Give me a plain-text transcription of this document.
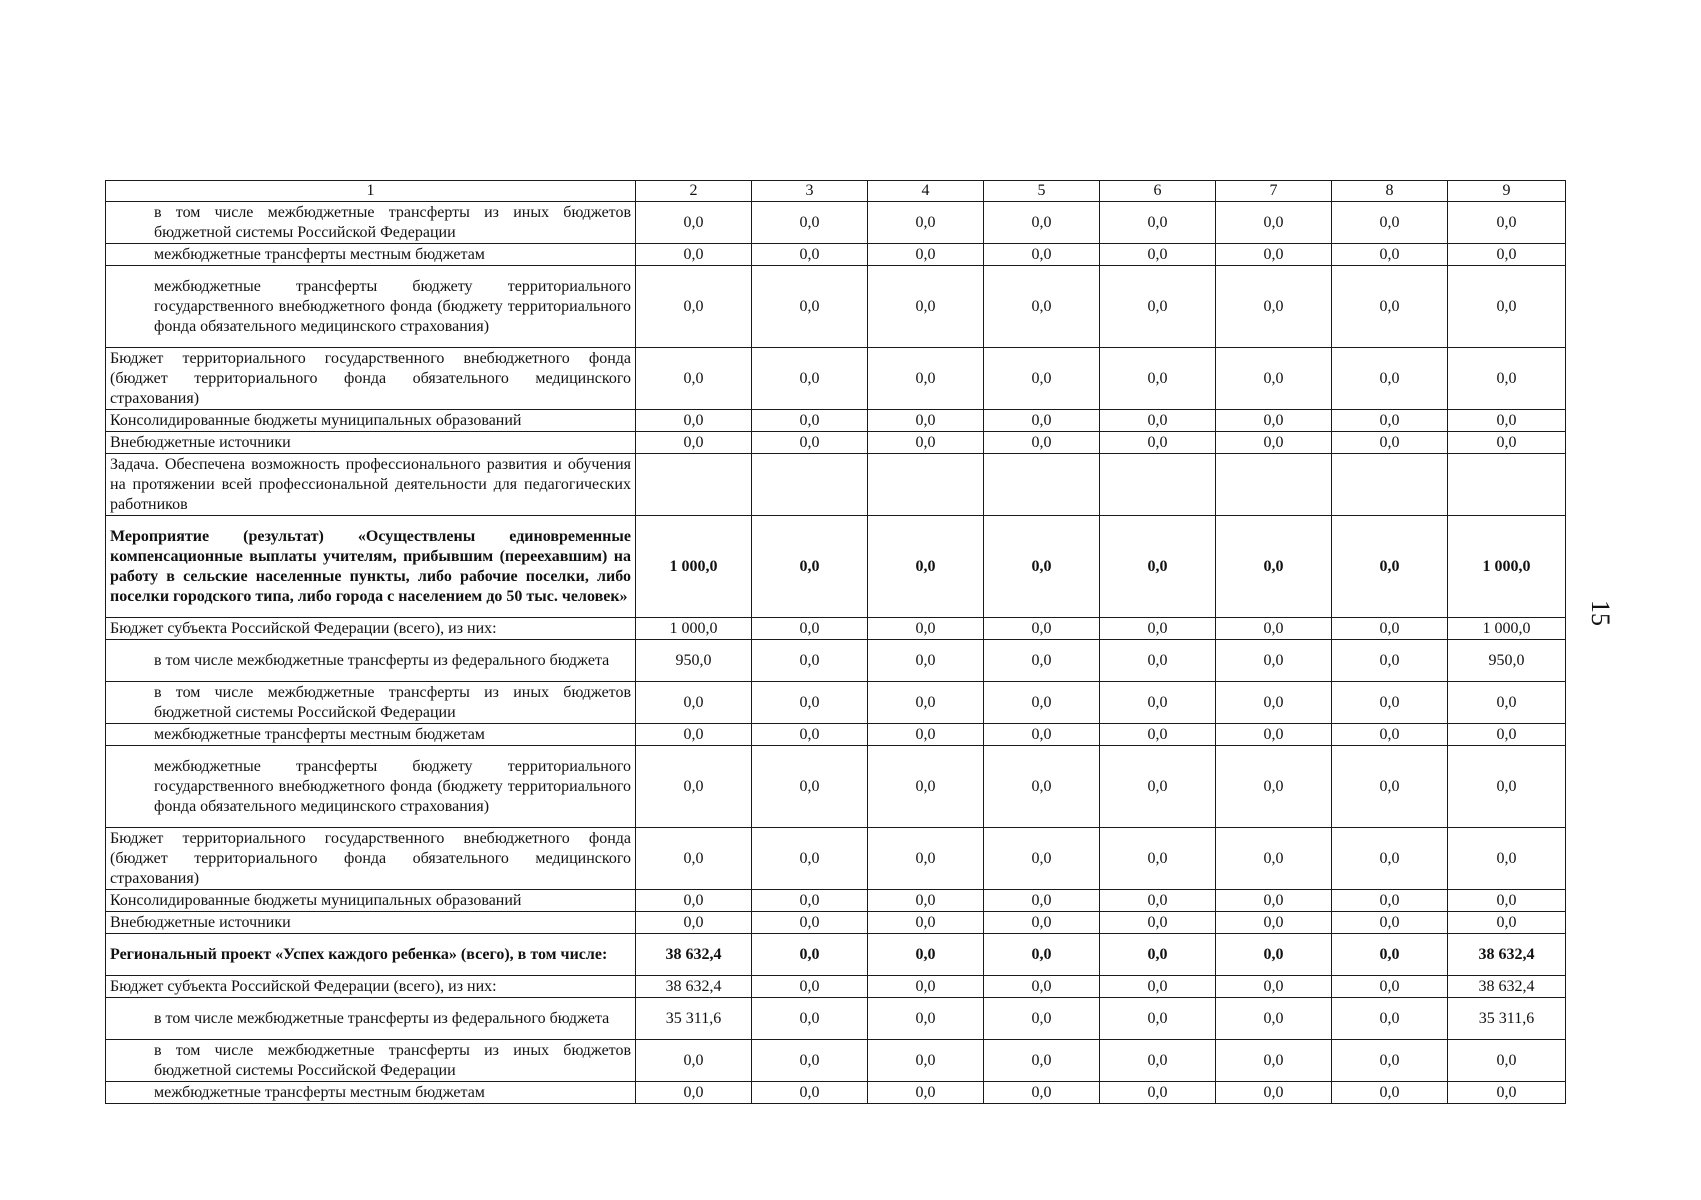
1	2	3	4	5	6	7	8	9
в том числе межбюджетные трансферты из иных бюджетов бюджетной системы Российской Федерации	0,0	0,0	0,0	0,0	0,0	0,0	0,0	0,0
межбюджетные трансферты местным бюджетам	0,0	0,0	0,0	0,0	0,0	0,0	0,0	0,0
межбюджетные трансферты бюджету территориального государственного внебюджетного фонда (бюджету территориального фонда обязательного медицинского страхования)	0,0	0,0	0,0	0,0	0,0	0,0	0,0	0,0
Бюджет территориального государственного внебюджетного фонда (бюджет территориального фонда обязательного медицинского страхования)	0,0	0,0	0,0	0,0	0,0	0,0	0,0	0,0
Консолидированные бюджеты муниципальных образований	0,0	0,0	0,0	0,0	0,0	0,0	0,0	0,0
Внебюджетные источники	0,0	0,0	0,0	0,0	0,0	0,0	0,0	0,0
Задача. Обеспечена возможность профессионального развития и обучения на протяжении всей профессиональной деятельности для педагогических работников								
Мероприятие (результат) «Осуществлены единовременные компенсационные выплаты учителям, прибывшим (переехавшим) на работу в сельские населенные пункты, либо рабочие поселки, либо поселки городского типа, либо города с населением до 50 тыс. человек»	1 000,0	0,0	0,0	0,0	0,0	0,0	0,0	1 000,0
Бюджет субъекта Российской Федерации (всего), из них:	1 000,0	0,0	0,0	0,0	0,0	0,0	0,0	1 000,0
в том числе межбюджетные трансферты из федерального бюджета	950,0	0,0	0,0	0,0	0,0	0,0	0,0	950,0
в том числе межбюджетные трансферты из иных бюджетов бюджетной системы Российской Федерации	0,0	0,0	0,0	0,0	0,0	0,0	0,0	0,0
межбюджетные трансферты местным бюджетам	0,0	0,0	0,0	0,0	0,0	0,0	0,0	0,0
межбюджетные трансферты бюджету территориального государственного внебюджетного фонда (бюджету территориального фонда обязательного медицинского страхования)	0,0	0,0	0,0	0,0	0,0	0,0	0,0	0,0
Бюджет территориального государственного внебюджетного фонда (бюджет территориального фонда обязательного медицинского страхования)	0,0	0,0	0,0	0,0	0,0	0,0	0,0	0,0
Консолидированные бюджеты муниципальных образований	0,0	0,0	0,0	0,0	0,0	0,0	0,0	0,0
Внебюджетные источники	0,0	0,0	0,0	0,0	0,0	0,0	0,0	0,0
Региональный проект «Успех каждого ребенка» (всего), в том числе:	38 632,4	0,0	0,0	0,0	0,0	0,0	0,0	38 632,4
Бюджет субъекта Российской Федерации (всего), из них:	38 632,4	0,0	0,0	0,0	0,0	0,0	0,0	38 632,4
в том числе межбюджетные трансферты из федерального бюджета	35 311,6	0,0	0,0	0,0	0,0	0,0	0,0	35 311,6
в том числе межбюджетные трансферты из иных бюджетов бюджетной системы Российской Федерации	0,0	0,0	0,0	0,0	0,0	0,0	0,0	0,0
межбюджетные трансферты местным бюджетам	0,0	0,0	0,0	0,0	0,0	0,0	0,0	0,0
15
